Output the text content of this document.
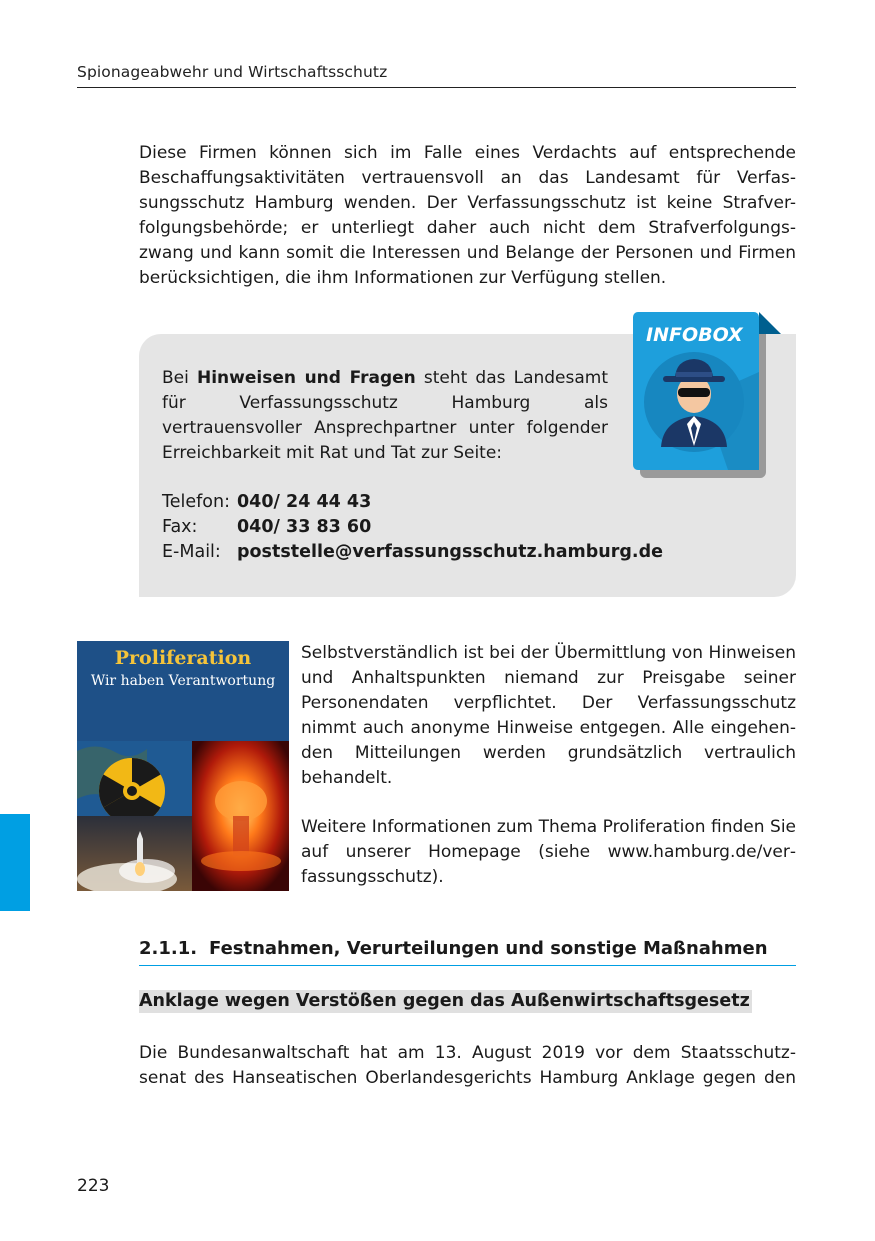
Spionageabwehr und Wirtschaftsschutz
Diese Firmen können sich im Falle eines Verdachts auf entsprechende
Beschaffungsaktivitäten vertrauensvoll an das Landesamt für Verfas-
sungsschutz Hamburg wenden. Der Verfassungsschutz ist keine Strafver-
folgungsbehörde; er unterliegt daher auch nicht dem Strafverfolgungs-
zwang und kann somit die Interessen und Belange der Personen und Firmen
berücksichtigen, die ihm Informationen zur Verfügung stellen.

Bei Hinweisen und Fragen steht das Landesamt für Verfassungsschutz Hamburg als vertrauensvoller Ansprechpartner unter folgender Erreichbarkeit mit Rat und Tat zur Seite:

Telefon: 040/ 24 44 43
Fax: 040/ 33 83 60
E-Mail: poststelle@verfassungsschutz.hamburg.de
INFOBOX
Proliferation
Wir haben Verantwortung

Selbstverständlich ist bei der Übermittlung von Hinweisen und Anhaltspunkten niemand zur Preisgabe seiner Personendaten verpflichtet. Der Verfassungsschutz nimmt auch anonyme Hinweise entgegen. Alle eingehenden Mitteilungen werden grundsätzlich vertraulich behandelt.

Weitere Informationen zum Thema Proliferation finden Sie auf unserer Homepage (siehe www.hamburg.de/verfassungsschutz).

2.1.1. Festnahmen, Verurteilungen und sonstige Maßnahmen
Anklage wegen Verstößen gegen das Außenwirtschaftsgesetz
Die Bundesanwaltschaft hat am 13. August 2019 vor dem Staatsschutz-
senat des Hanseatischen Oberlandesgerichts Hamburg Anklage gegen den
223
